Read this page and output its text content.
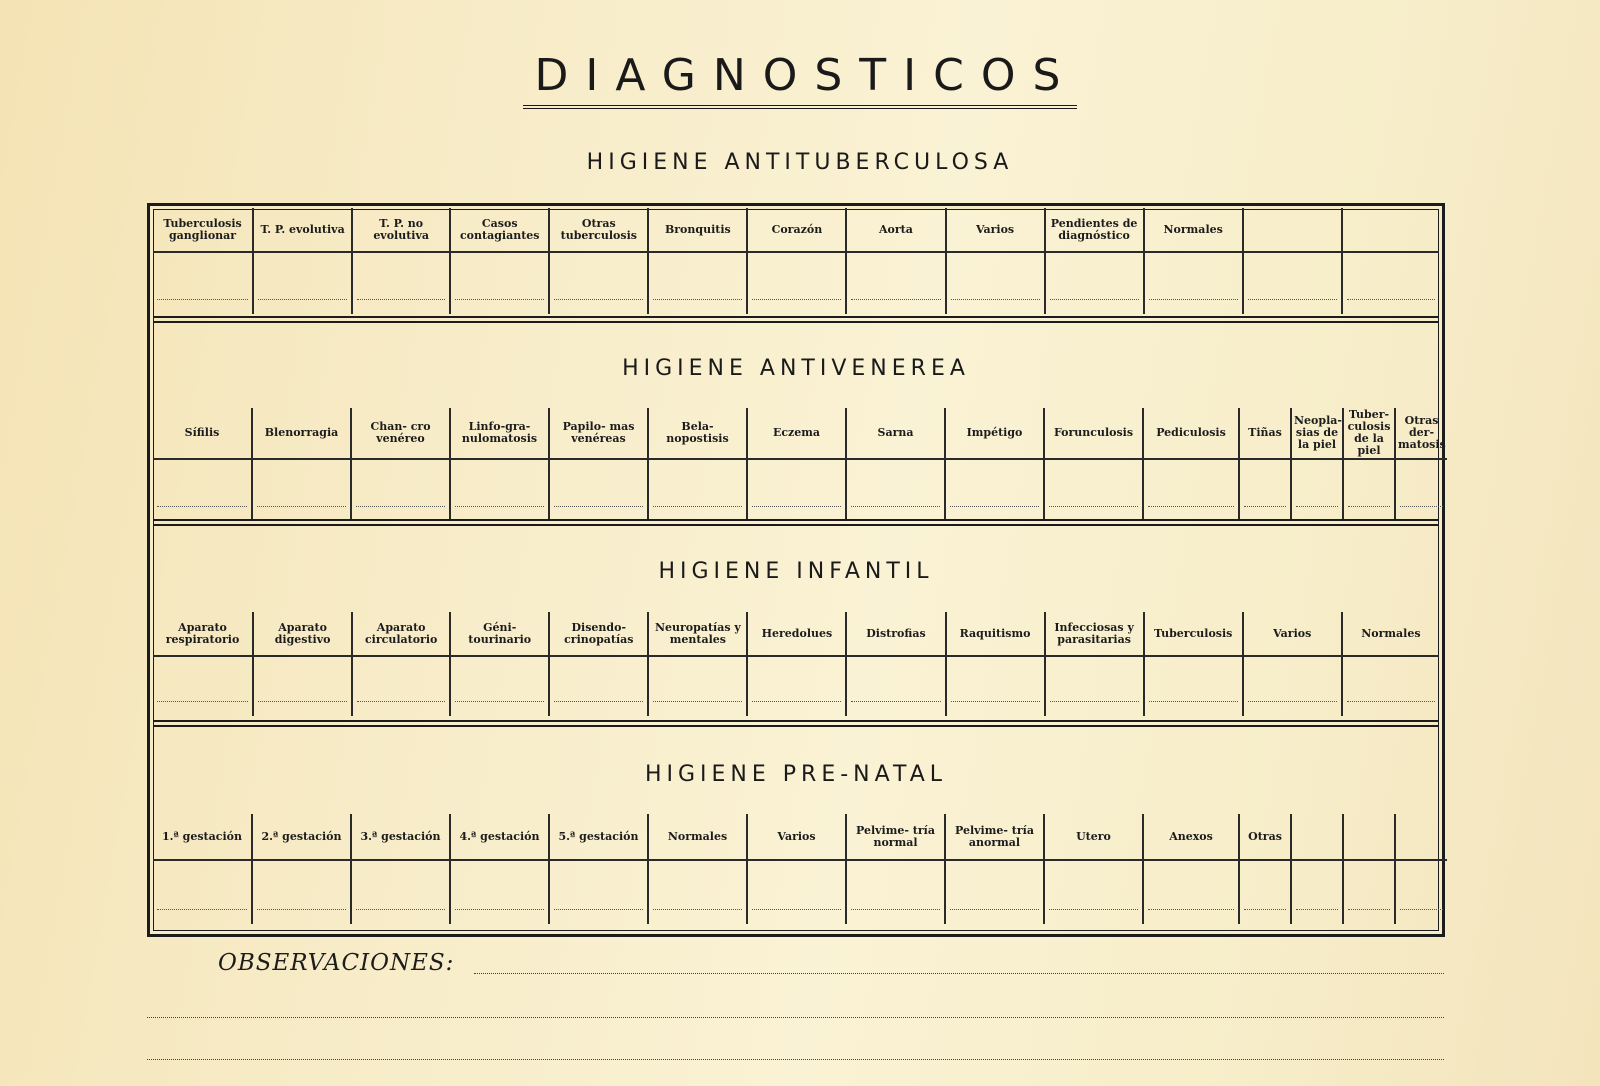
DIAGNOSTICOS
HIGIENE ANTITUBERCULOSA
Tuberculosis ganglionar	T. P. evolutiva	T. P. no evolutiva	Casos contagiantes	Otras tuberculosis	Bronquitis	Corazón	Aorta	Varios	Pendientes de diagnóstico	Normales		

HIGIENE ANTIVENEREA
Sífilis	Blenorragia	Chan- cro venéreo	Linfo-gra- nulomatosis	Papilo- mas venéreas	Bela- nopostisis	Eczema	Sarna	Impétigo	Forunculosis	Pediculosis	Tiñas	Neopla- sias de la piel	Tuber- culosis de la piel	Otras der- matosis

HIGIENE INFANTIL
Aparato respiratorio	Aparato digestivo	Aparato circulatorio	Géni- tourinario	Disendo- crinopatías	Neuropatías y mentales	Heredolues	Distrofias	Raquitismo	Infecciosas y parasitarias	Tuberculosis	Varios	Normales

HIGIENE PRE-NATAL
1.ª gestación	2.ª gestación	3.ª gestación	4.ª gestación	5.ª gestación	Normales	Varios	Pelvime- tría normal	Pelvime- tría anormal	Utero	Anexos	Otras			

OBSERVACIONES:
